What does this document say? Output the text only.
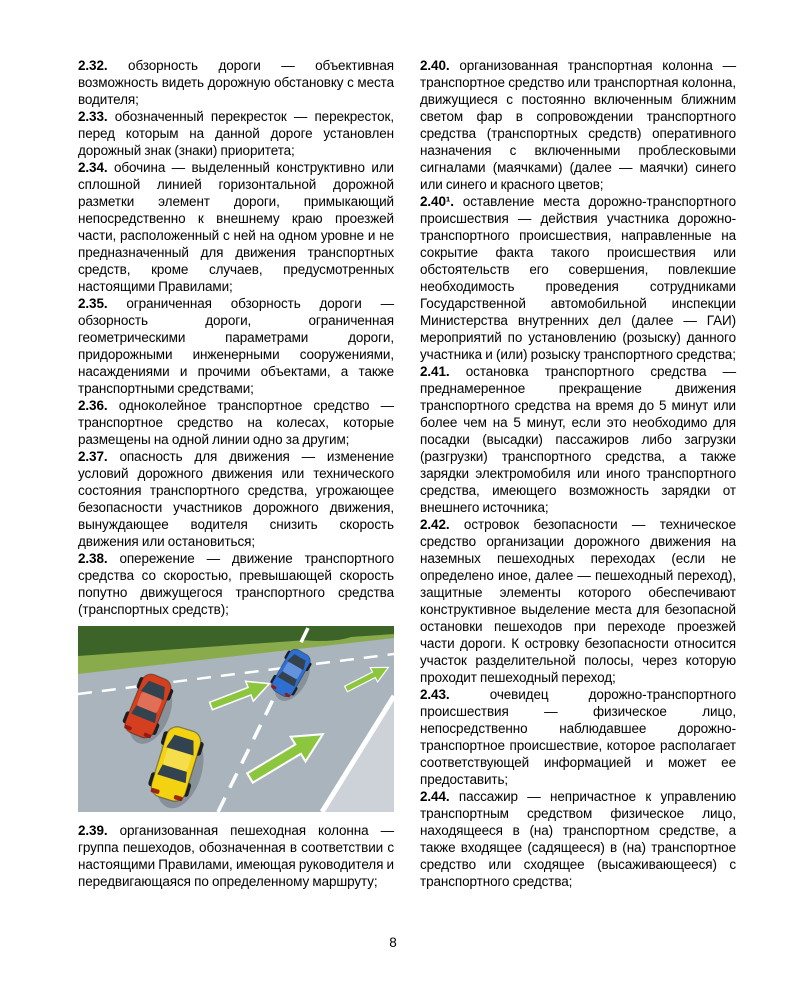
2.32. обзорность дороги — объективная возможность видеть дорожную обстановку с места водителя;

2.33. обозначенный перекресток — перекресток, перед которым на данной дороге установлен дорожный знак (знаки) приоритета;

2.34. обочина — выделенный конструктивно или сплошной линией горизонтальной дорожной разметки элемент дороги, примыкающий непосредственно к внешнему краю проезжей части, расположенный с ней на одном уровне и не предназначенный для движения транспортных средств, кроме случаев, предусмотренных настоящими Правилами;

2.35. ограниченная обзорность дороги — обзорность дороги, ограниченная геометрическими параметрами дороги, придорожными инженерными сооружениями, насаждениями и прочими объектами, а также транспортными средствами;

2.36. одноколейное транспортное средство — транспортное средство на колесах, которые размещены на одной линии одно за другим;

2.37. опасность для движения — изменение условий дорожного движения или технического состояния транспортного средства, угрожающее безопасности участников дорожного движения, вынуждающее водителя снизить скорость движения или остановиться;

2.38. опережение — движение транспортного средства со скоростью, превышающей скорость попутно движущегося транспортного средства (транспортных средств);

2.39. организованная пешеходная колонна — группа пешеходов, обозначенная в соответствии с настоящими Правилами, имеющая руководителя и передвигающаяся по определенному маршруту;

2.40. организованная транспортная колонна — транспортное средство или транспортная колонна, движущиеся с постоянно включенным ближним светом фар в сопровождении транспортного средства (транспортных средств) оперативного назначения с включенными проблесковыми сигналами (маячками) (далее — маячки) синего или синего и красного цветов;

2.40¹. оставление места дорожно-транспортного происшествия — действия участника дорожно-транспортного происшествия, направленные на сокрытие факта такого происшествия или обстоятельств его совершения, повлекшие необходимость проведения сотрудниками Государственной автомобильной инспекции Министерства внутренних дел (далее — ГАИ) мероприятий по установлению (розыску) данного участника и (или) розыску транспортного средства;

2.41. остановка транспортного средства — преднамеренное прекращение движения транспортного средства на время до 5 минут или более чем на 5 минут, если это необходимо для посадки (высадки) пассажиров либо загрузки (разгрузки) транспортного средства, а также зарядки электромобиля или иного транспортного средства, имеющего возможность зарядки от внешнего источника;

2.42. островок безопасности — техническое средство организации дорожного движения на наземных пешеходных переходах (если не определено иное, далее — пешеходный переход), защитные элементы которого обеспечивают конструктивное выделение места для безопасной остановки пешеходов при переходе проезжей части дороги. К островку безопасности относится участок разделительной полосы, через которую проходит пешеходный переход;

2.43.	очевидец дорожно-транспортного происшествия — физическое лицо, непосредственно наблюдавшее дорожно-транспортное происшествие, которое располагает соответствующей информацией и может ее предоставить;

2.44. пассажир — непричастное к управлению транспортным средством физическое лицо, находящееся в (на) транспортном средстве, а также входящее (садящееся) в (на) транспортное средство или сходящее (высаживающееся) с транспортного средства;

8
